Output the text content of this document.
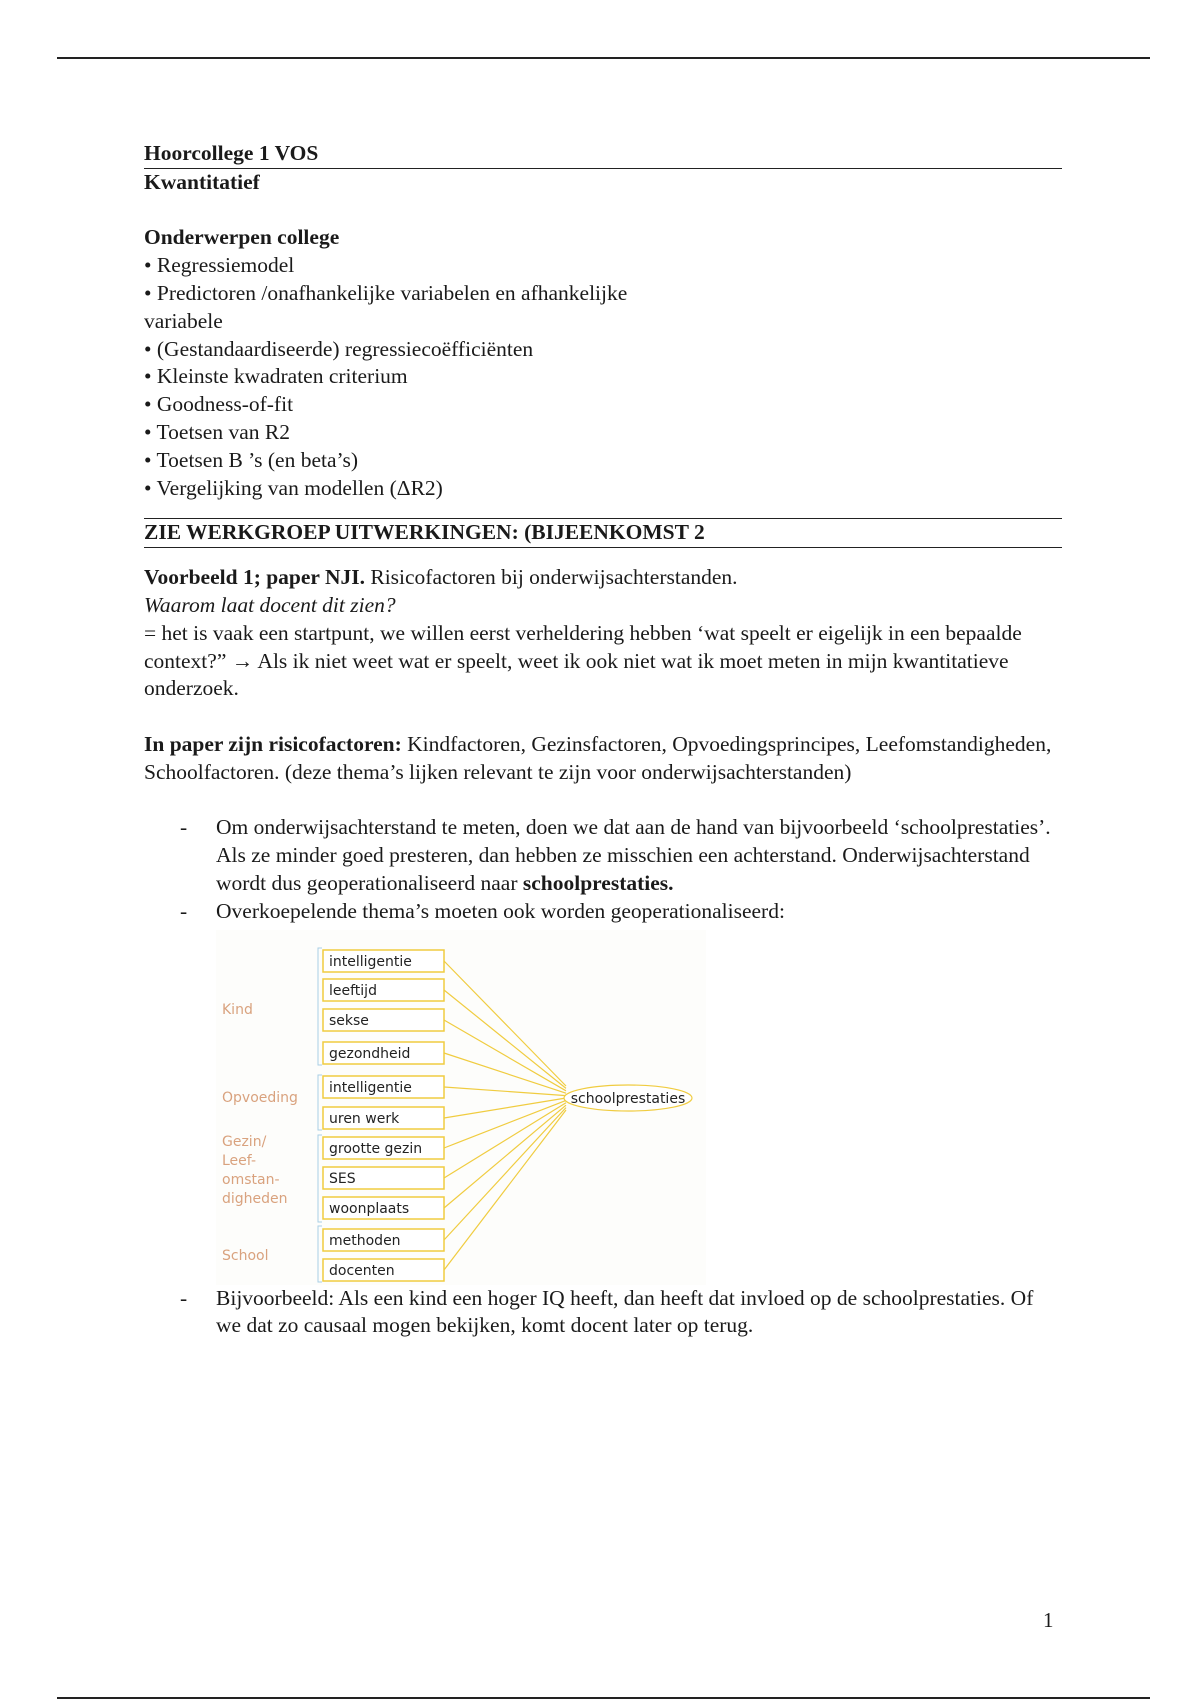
Hoorcollege 1 VOS
Kwantitatief
Onderwerpen college
• Regressiemodel
• Predictoren /onafhankelijke variabelen en afhankelijke
variabele
• (Gestandaardiseerde) regressiecoëfficiënten
• Kleinste kwadraten criterium
• Goodness-of-fit
• Toetsen van R2
• Toetsen B ’s (en beta’s)
• Vergelijking van modellen (ΔR2)
ZIE WERKGROEP UITWERKINGEN: (BIJEENKOMST 2
Voorbeeld 1; paper NJI. Risicofactoren bij onderwijsachterstanden.
Waarom laat docent dit zien?
= het is vaak een startpunt, we willen eerst verheldering hebben ‘wat speelt er eigelijk in een bepaalde context?” → Als ik niet weet wat er speelt, weet ik ook niet wat ik moet meten in mijn kwantitatieve onderzoek.
In paper zijn risicofactoren: Kindfactoren, Gezinsfactoren, Opvoedingsprincipes, Leefomstandigheden, Schoolfactoren. (deze thema’s lijken relevant te zijn voor onderwijsachterstanden)
- Om onderwijsachterstand te meten, doen we dat aan de hand van bijvoorbeeld ‘schoolprestaties’. Als ze minder goed presteren, dan hebben ze misschien een achterstand. Onderwijsachterstand wordt dus geoperationaliseerd naar schoolprestaties.
- Overkoepelende thema’s moeten ook worden geoperationaliseerd:
intelligentie
leeftijd
sekse
gezondheid
intelligentie
uren werk
grootte gezin
SES
woonplaats
methoden
docenten
schoolprestaties
Kind
Opvoeding
Gezin/
Leef-
omstan-
digheden
School
- Bijvoorbeeld: Als een kind een hoger IQ heeft, dan heeft dat invloed op de schoolprestaties. Of we dat zo causaal mogen bekijken, komt docent later op terug.
1
